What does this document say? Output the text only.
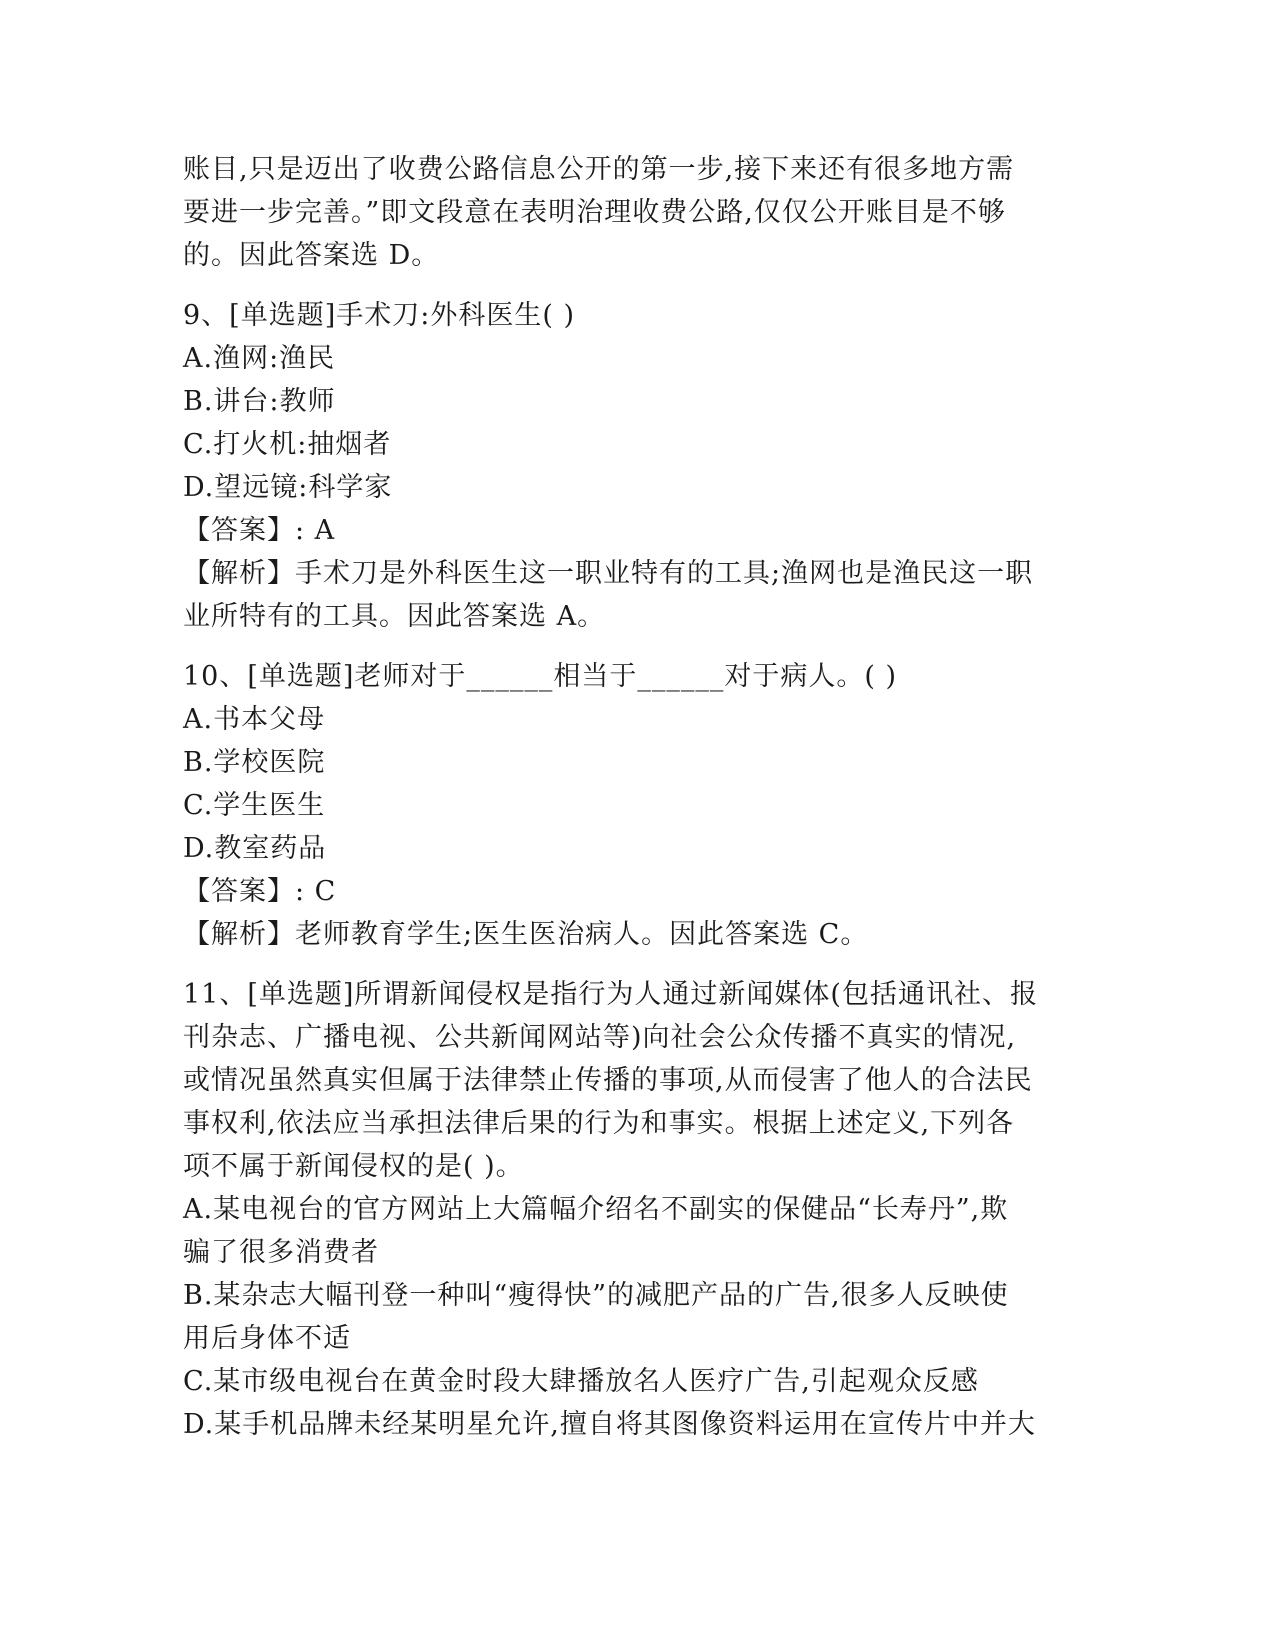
账目,只是迈出了收费公路信息公开的第一步,接下来还有很多地方需
要进一步完善。”即文段意在表明治理收费公路,仅仅公开账目是不够
的。因此答案选 D。
9、[单选题]手术刀:外科医生( )
A.渔网:渔民
B.讲台:教师
C.打火机:抽烟者
D.望远镜:科学家
【答案】: A
【解析】手术刀是外科医生这一职业特有的工具;渔网也是渔民这一职
业所特有的工具。因此答案选 A。
10、[单选题]老师对于______相当于______对于病人。( )
A.书本父母
B.学校医院
C.学生医生
D.教室药品
【答案】: C
【解析】老师教育学生;医生医治病人。因此答案选 C。
11、[单选题]所谓新闻侵权是指行为人通过新闻媒体(包括通讯社、报
刊杂志、广播电视、公共新闻网站等)向社会公众传播不真实的情况,
或情况虽然真实但属于法律禁止传播的事项,从而侵害了他人的合法民
事权利,依法应当承担法律后果的行为和事实。根据上述定义,下列各
项不属于新闻侵权的是( )。
A.某电视台的官方网站上大篇幅介绍名不副实的保健品“长寿丹”,欺
骗了很多消费者
B.某杂志大幅刊登一种叫“瘦得快”的减肥产品的广告,很多人反映使
用后身体不适
C.某市级电视台在黄金时段大肆播放名人医疗广告,引起观众反感
D.某手机品牌未经某明星允许,擅自将其图像资料运用在宣传片中并大
